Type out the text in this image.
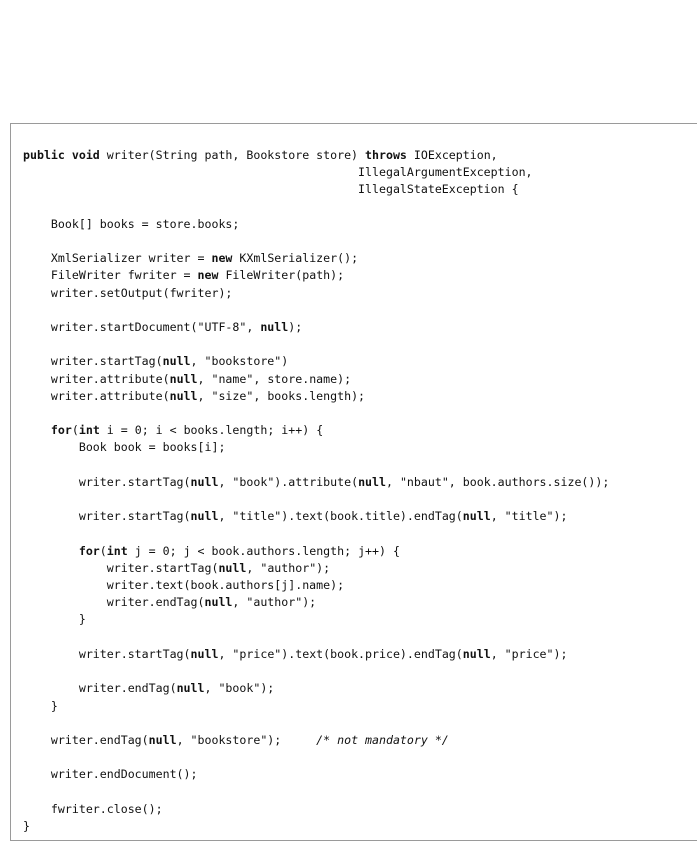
public void writer(String path, Bookstore store) throws IOException,
IllegalArgumentException,
IllegalStateException {

Book[] books = store.books;

XmlSerializer writer = new KXmlSerializer();
FileWriter fwriter = new FileWriter(path);
writer.setOutput(fwriter);

writer.startDocument("UTF-8", null);

writer.startTag(null, "bookstore")
writer.attribute(null, "name", store.name);
writer.attribute(null, "size", books.length);

for(int i = 0; i < books.length; i++) {
Book book = books[i];

writer.startTag(null, "book").attribute(null, "nbaut", book.authors.size());

writer.startTag(null, "title").text(book.title).endTag(null, "title");

for(int j = 0; j < book.authors.length; j++) {
writer.startTag(null, "author");
writer.text(book.authors[j].name);
writer.endTag(null, "author");
}

writer.startTag(null, "price").text(book.price).endTag(null, "price");

writer.endTag(null, "book");
}

writer.endTag(null, "bookstore");     /* not mandatory */

writer.endDocument();

fwriter.close();
}
